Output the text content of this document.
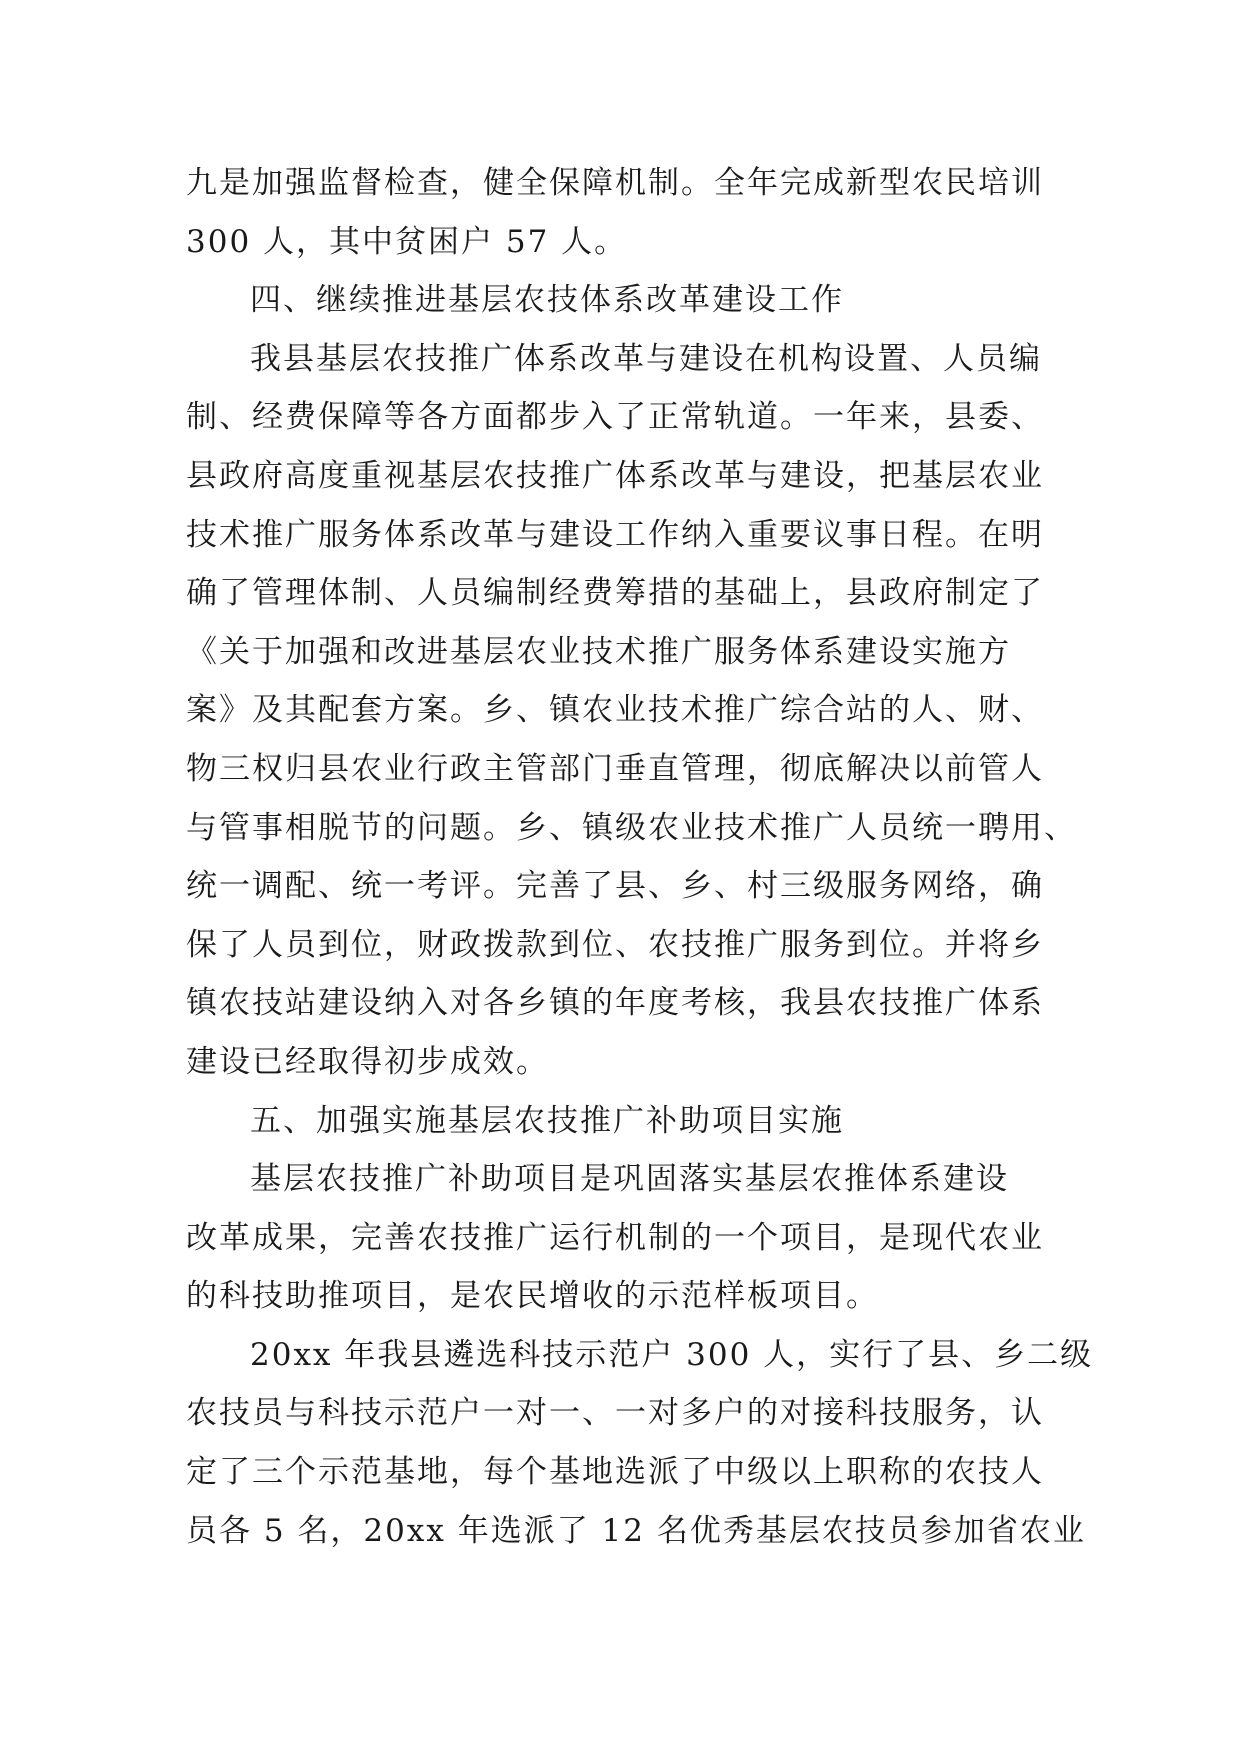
九是加强监督检查，健全保障机制。全年完成新型农民培训
300 人，其中贫困户 57 人。
四、继续推进基层农技体系改革建设工作
我县基层农技推广体系改革与建设在机构设置、人员编
制、经费保障等各方面都步入了正常轨道。一年来，县委、
县政府高度重视基层农技推广体系改革与建设，把基层农业
技术推广服务体系改革与建设工作纳入重要议事日程。在明
确了管理体制、人员编制经费筹措的基础上，县政府制定了
《关于加强和改进基层农业技术推广服务体系建设实施方
案》及其配套方案。乡、镇农业技术推广综合站的人、财、
物三权归县农业行政主管部门垂直管理，彻底解决以前管人
与管事相脱节的问题。乡、镇级农业技术推广人员统一聘用、
统一调配、统一考评。完善了县、乡、村三级服务网络，确
保了人员到位，财政拨款到位、农技推广服务到位。并将乡
镇农技站建设纳入对各乡镇的年度考核，我县农技推广体系
建设已经取得初步成效。
五、加强实施基层农技推广补助项目实施
基层农技推广补助项目是巩固落实基层农推体系建设
改革成果，完善农技推广运行机制的一个项目，是现代农业
的科技助推项目，是农民增收的示范样板项目。
20xx 年我县遴选科技示范户 300 人，实行了县、乡二级
农技员与科技示范户一对一、一对多户的对接科技服务，认
定了三个示范基地，每个基地选派了中级以上职称的农技人
员各 5 名，20xx 年选派了 12 名优秀基层农技员参加省农业
